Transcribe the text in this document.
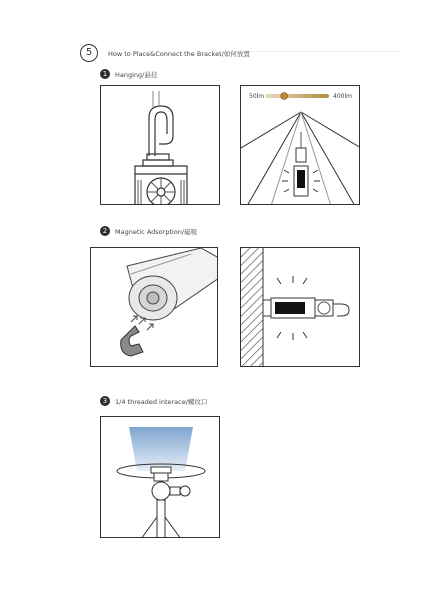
5	How to Place&Connect the Bracket/如何放置
1	Hanging/悬挂
50lm	400lm
2	Magnetic Adsorption/磁吸
3	1/4 threaded interace/螺纹口
